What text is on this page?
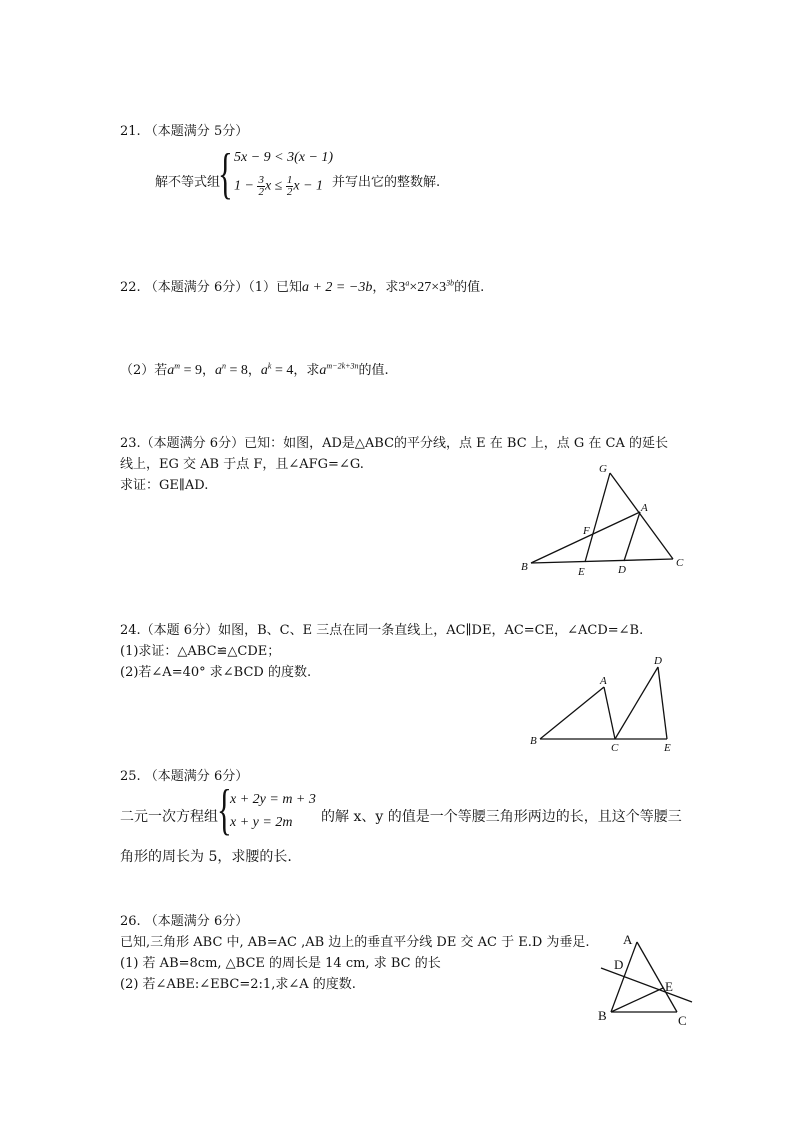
21. （本题满分 5分）
解不等式组
{ 5x − 9 < 3(x − 1)
$1 - \frac{3}{2}$ $x \le \frac{1}{2}$ x − 1 并写出它的整数解.
22. （本题满分 6分）（1）已知a + 2 = −3b，求$3^a\times 27\times 3^{3b}$的值.
（2）若$a^m = 9$，$a^n = 8$，$a^k = 4$，求$a^{m-2k+3n}$的值.
23.（本题满分 6分）已知：如图，AD是△ABC的平分线，点 E 在 BC 上，点 G 在 CA 的延长
线上，EG 交 AB 于点 F，且∠AFG=∠G.
求证：GE∥AD.
G
A
F
B	E	D
C
24.（本题 6分）如图，B、C、E 三点在同一条直线上，AC∥DE，AC=CE，∠ACD=∠B.
(1)求证：△ABC≌△CDE；
(2)若∠A=40° 求∠BCD 的度数.
A
D
B
C	E
25. （本题满分 6分）
二元一次方程组 {
x + 2y = m + 3
x + y = 2m 的解 x、y 的值是一个等腰三角形两边的长，且这个等腰三
角形的周长为 5，求腰的长.
26. （本题满分 6分）
已知,三角形 ABC 中, AB=AC ,AB 边上的垂直平分线 DE 交 AC 于 E.D 为垂足.
(1) 若 AB=8cm, △BCE 的周长是 14 cm, 求 BC 的长
(2) 若∠ABE:∠EBC=2:1,求∠A 的度数.
A
D
E
B	C
